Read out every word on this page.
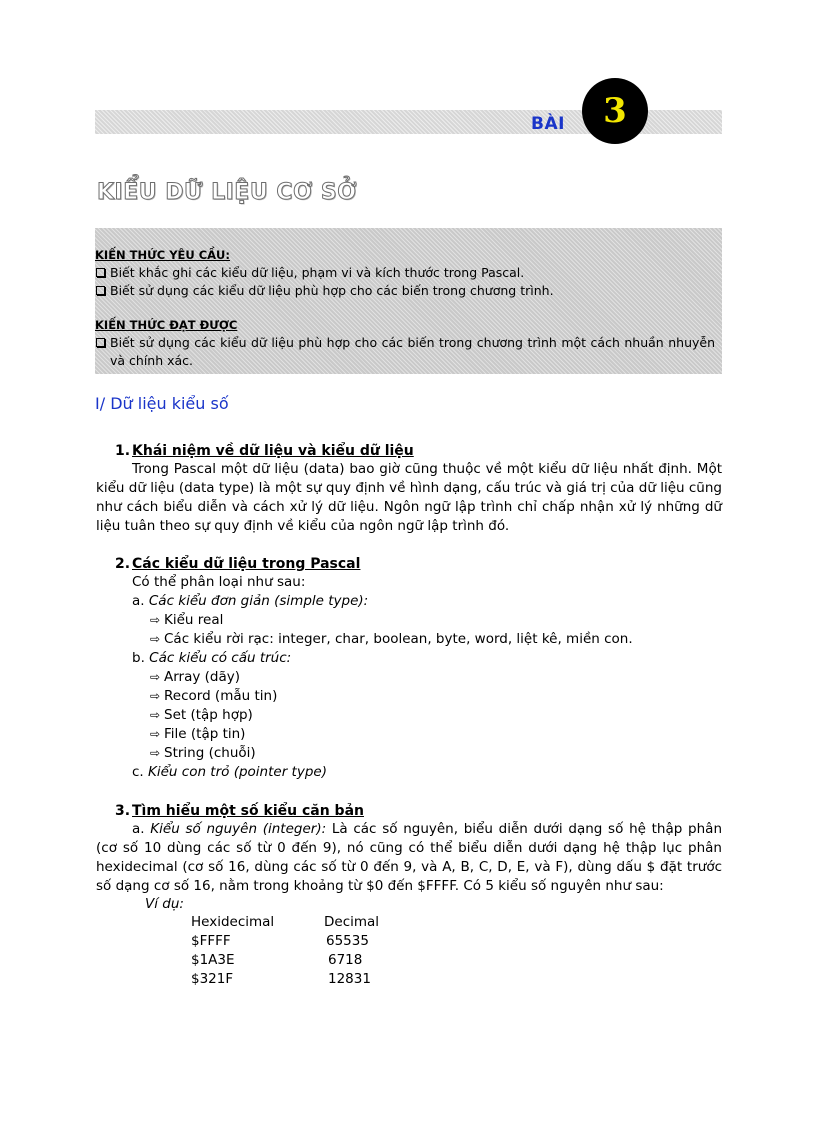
BÀI	3
KIỂU DỮ LIỆU CƠ SỞ
KIẾN THỨC YÊU CẦU:
Biết khắc ghi các kiểu dữ liệu, phạm vi và kích thước trong Pascal.
Biết sử dụng các kiểu dữ liệu phù hợp cho các biến trong chương trình.
KIẾN THỨC ĐẠT ĐƯỢC
Biết sử dụng các kiểu dữ liệu phù hợp cho các biến trong chương trình một cách nhuần nhuyễn và chính xác.
I/ Dữ liệu kiểu số
1. Khái niệm về dữ liệu và kiểu dữ liệu
Trong Pascal một dữ liệu (data) bao giờ cũng thuộc về một kiểu dữ liệu nhất định. Một kiểu dữ liệu (data type) là một sự quy định về hình dạng, cấu trúc và giá trị của dữ liệu cũng như cách biểu diễn và cách xử lý dữ liệu. Ngôn ngữ lập trình chỉ chấp nhận xử lý những dữ liệu tuân theo sự quy định về kiểu của ngôn ngữ lập trình đó.
2. Các kiểu dữ liệu trong Pascal
Có thể phân loại như sau:
a. Các kiểu đơn giản (simple type):
⇨ Kiểu real
⇨ Các kiểu rời rạc: integer, char, boolean, byte, word, liệt kê, miền con.
b. Các kiểu có cấu trúc:
⇨ Array (dãy)
⇨ Record (mẫu tin)
⇨ Set (tập hợp)
⇨ File (tập tin)
⇨ String (chuỗi)
c. Kiểu con trỏ (pointer type)
3. Tìm hiểu một số kiểu căn bản
a. Kiểu số nguyên (integer): Là các số nguyên, biểu diễn dưới dạng số hệ thập phân (cơ số 10 dùng các số từ 0 đến 9), nó cũng có thể biểu diễn dưới dạng hệ thập lục phân hexidecimal (cơ số 16, dùng các số từ 0 đến 9, và A, B, C, D, E, và F), dùng dấu $ đặt trước số dạng cơ số 16, nằm trong khoảng từ $0 đến $FFFF. Có 5 kiểu số nguyên như sau:
Ví dụ:
Hexidecimal	Decimal
$FFFF	65535
$1A3E	6718
$321F	12831
